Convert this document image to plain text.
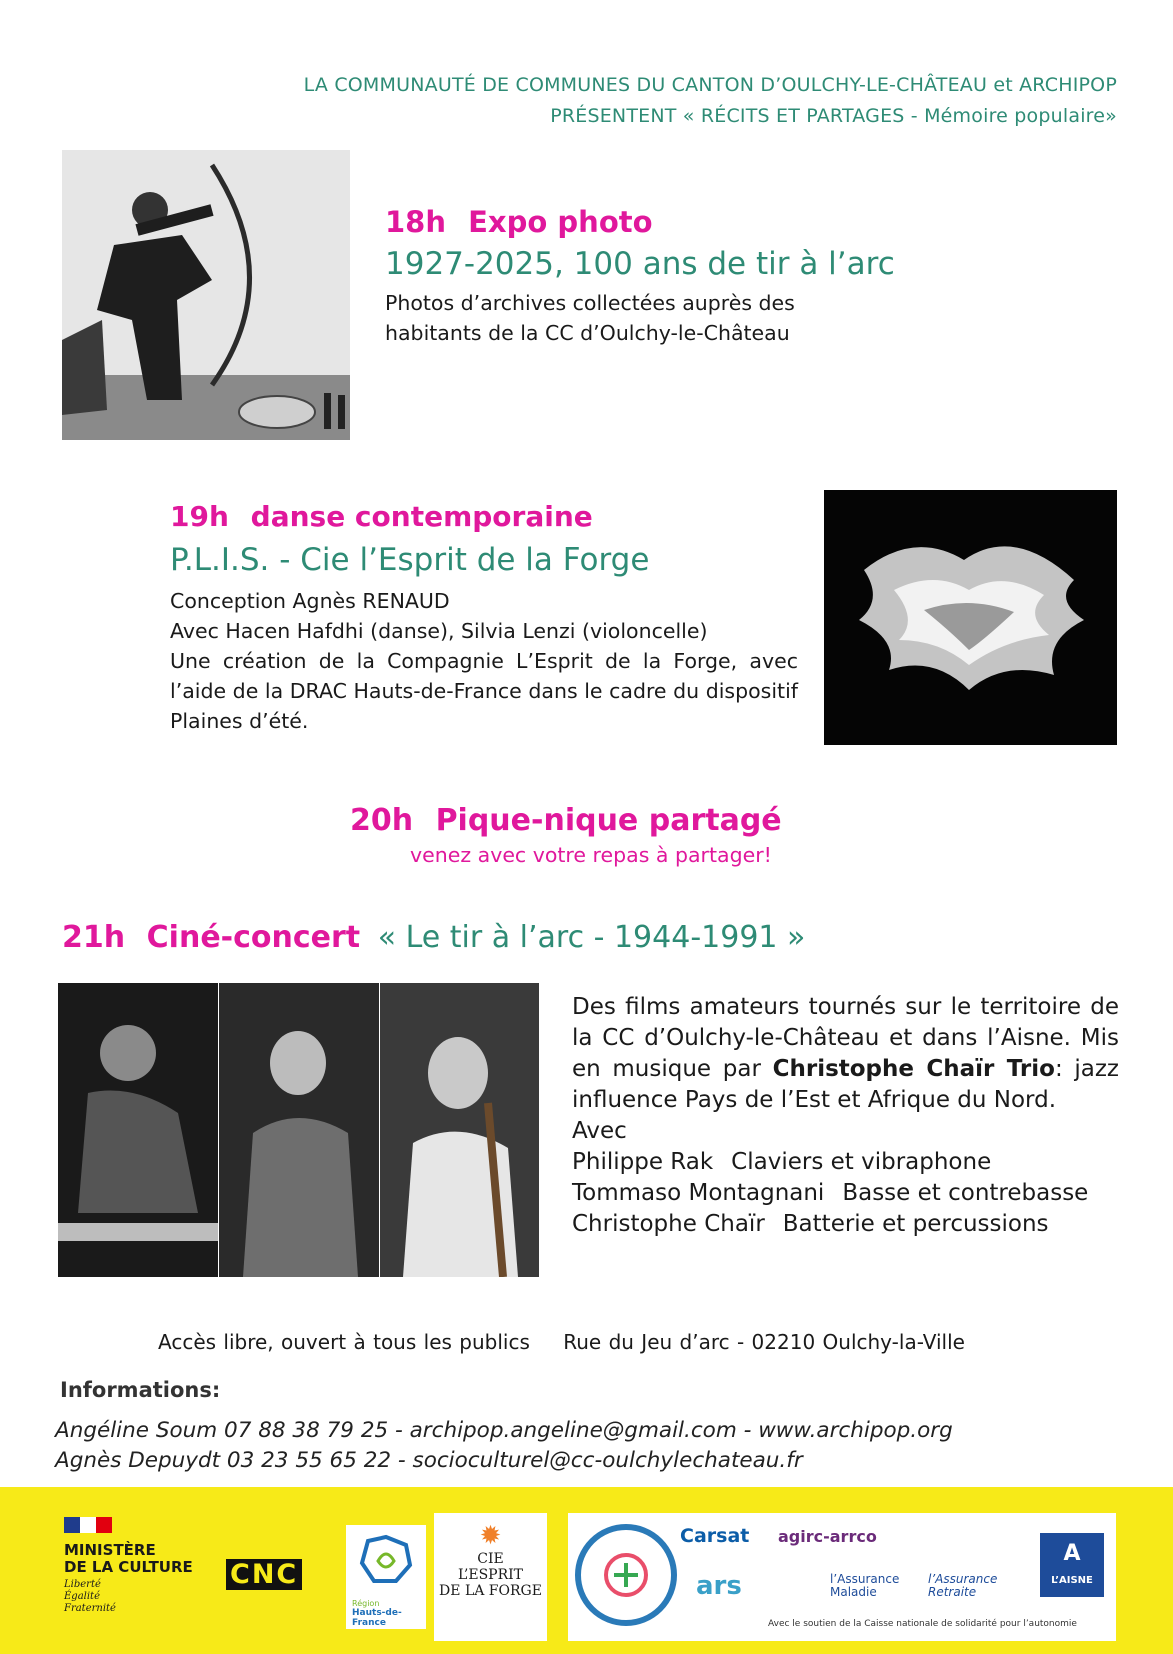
LA COMMUNAUTÉ DE COMMUNES DU CANTON D’OULCHY-LE-CHÂTEAU et ARCHIPOP
PRÉSENTENT « RÉCITS ET PARTAGES - Mémoire populaire»
18h Expo photo
1927-2025, 100 ans de tir à l’arc
Photos d’archives collectées auprès des
habitants de la CC d’Oulchy-le-Château
19h danse contemporaine
P.L.I.S. - Cie l’Esprit de la Forge
Conception Agnès RENAUD
Avec Hacen Hafdhi (danse), Silvia Lenzi (violoncelle)
Une création de la Compagnie L’Esprit de la Forge, avec l’aide de la DRAC Hauts-de-France dans le cadre du dispositif Plaines d’été.
20h Pique-nique partagé
venez avec votre repas à partager!
21h Ciné-concert « Le tir à l’arc - 1944-1991 »

Des films amateurs tournés sur le territoire de la CC d’Oulchy-le-Château et dans l’Aisne. Mis en musique par Christophe Chaïr Trio: jazz influence Pays de l’Est et Afrique du Nord.

Avec

Philippe Rak Claviers et vibraphone
Tommaso Montagnani Basse et contrebasse
Christophe Chaïr Batterie et percussions
Accès libre, ouvert à tous les publics Rue du Jeu d’arc - 02210 Oulchy-la-Ville
Informations:
Angéline Soum 07 88 38 79 25 - archipop.angeline@gmail.com - www.archipop.org
Agnès Depuydt 03 23 55 65 22 - socioculturel@cc-oulchylechateau.fr
MINISTÈRE
DE LA CULTURE
Liberté
Égalité
Fraternité
CNC
Région
Hauts-de-France
✹
CIE
L’ESPRIT
DE LA FORGE
Carsat agirc-arrco
ars	l’Assurance
Maladie
l’Assurance
Retraite
A
L’AISNE
Avec le soutien de la Caisse nationale de solidarité pour l’autonomie
